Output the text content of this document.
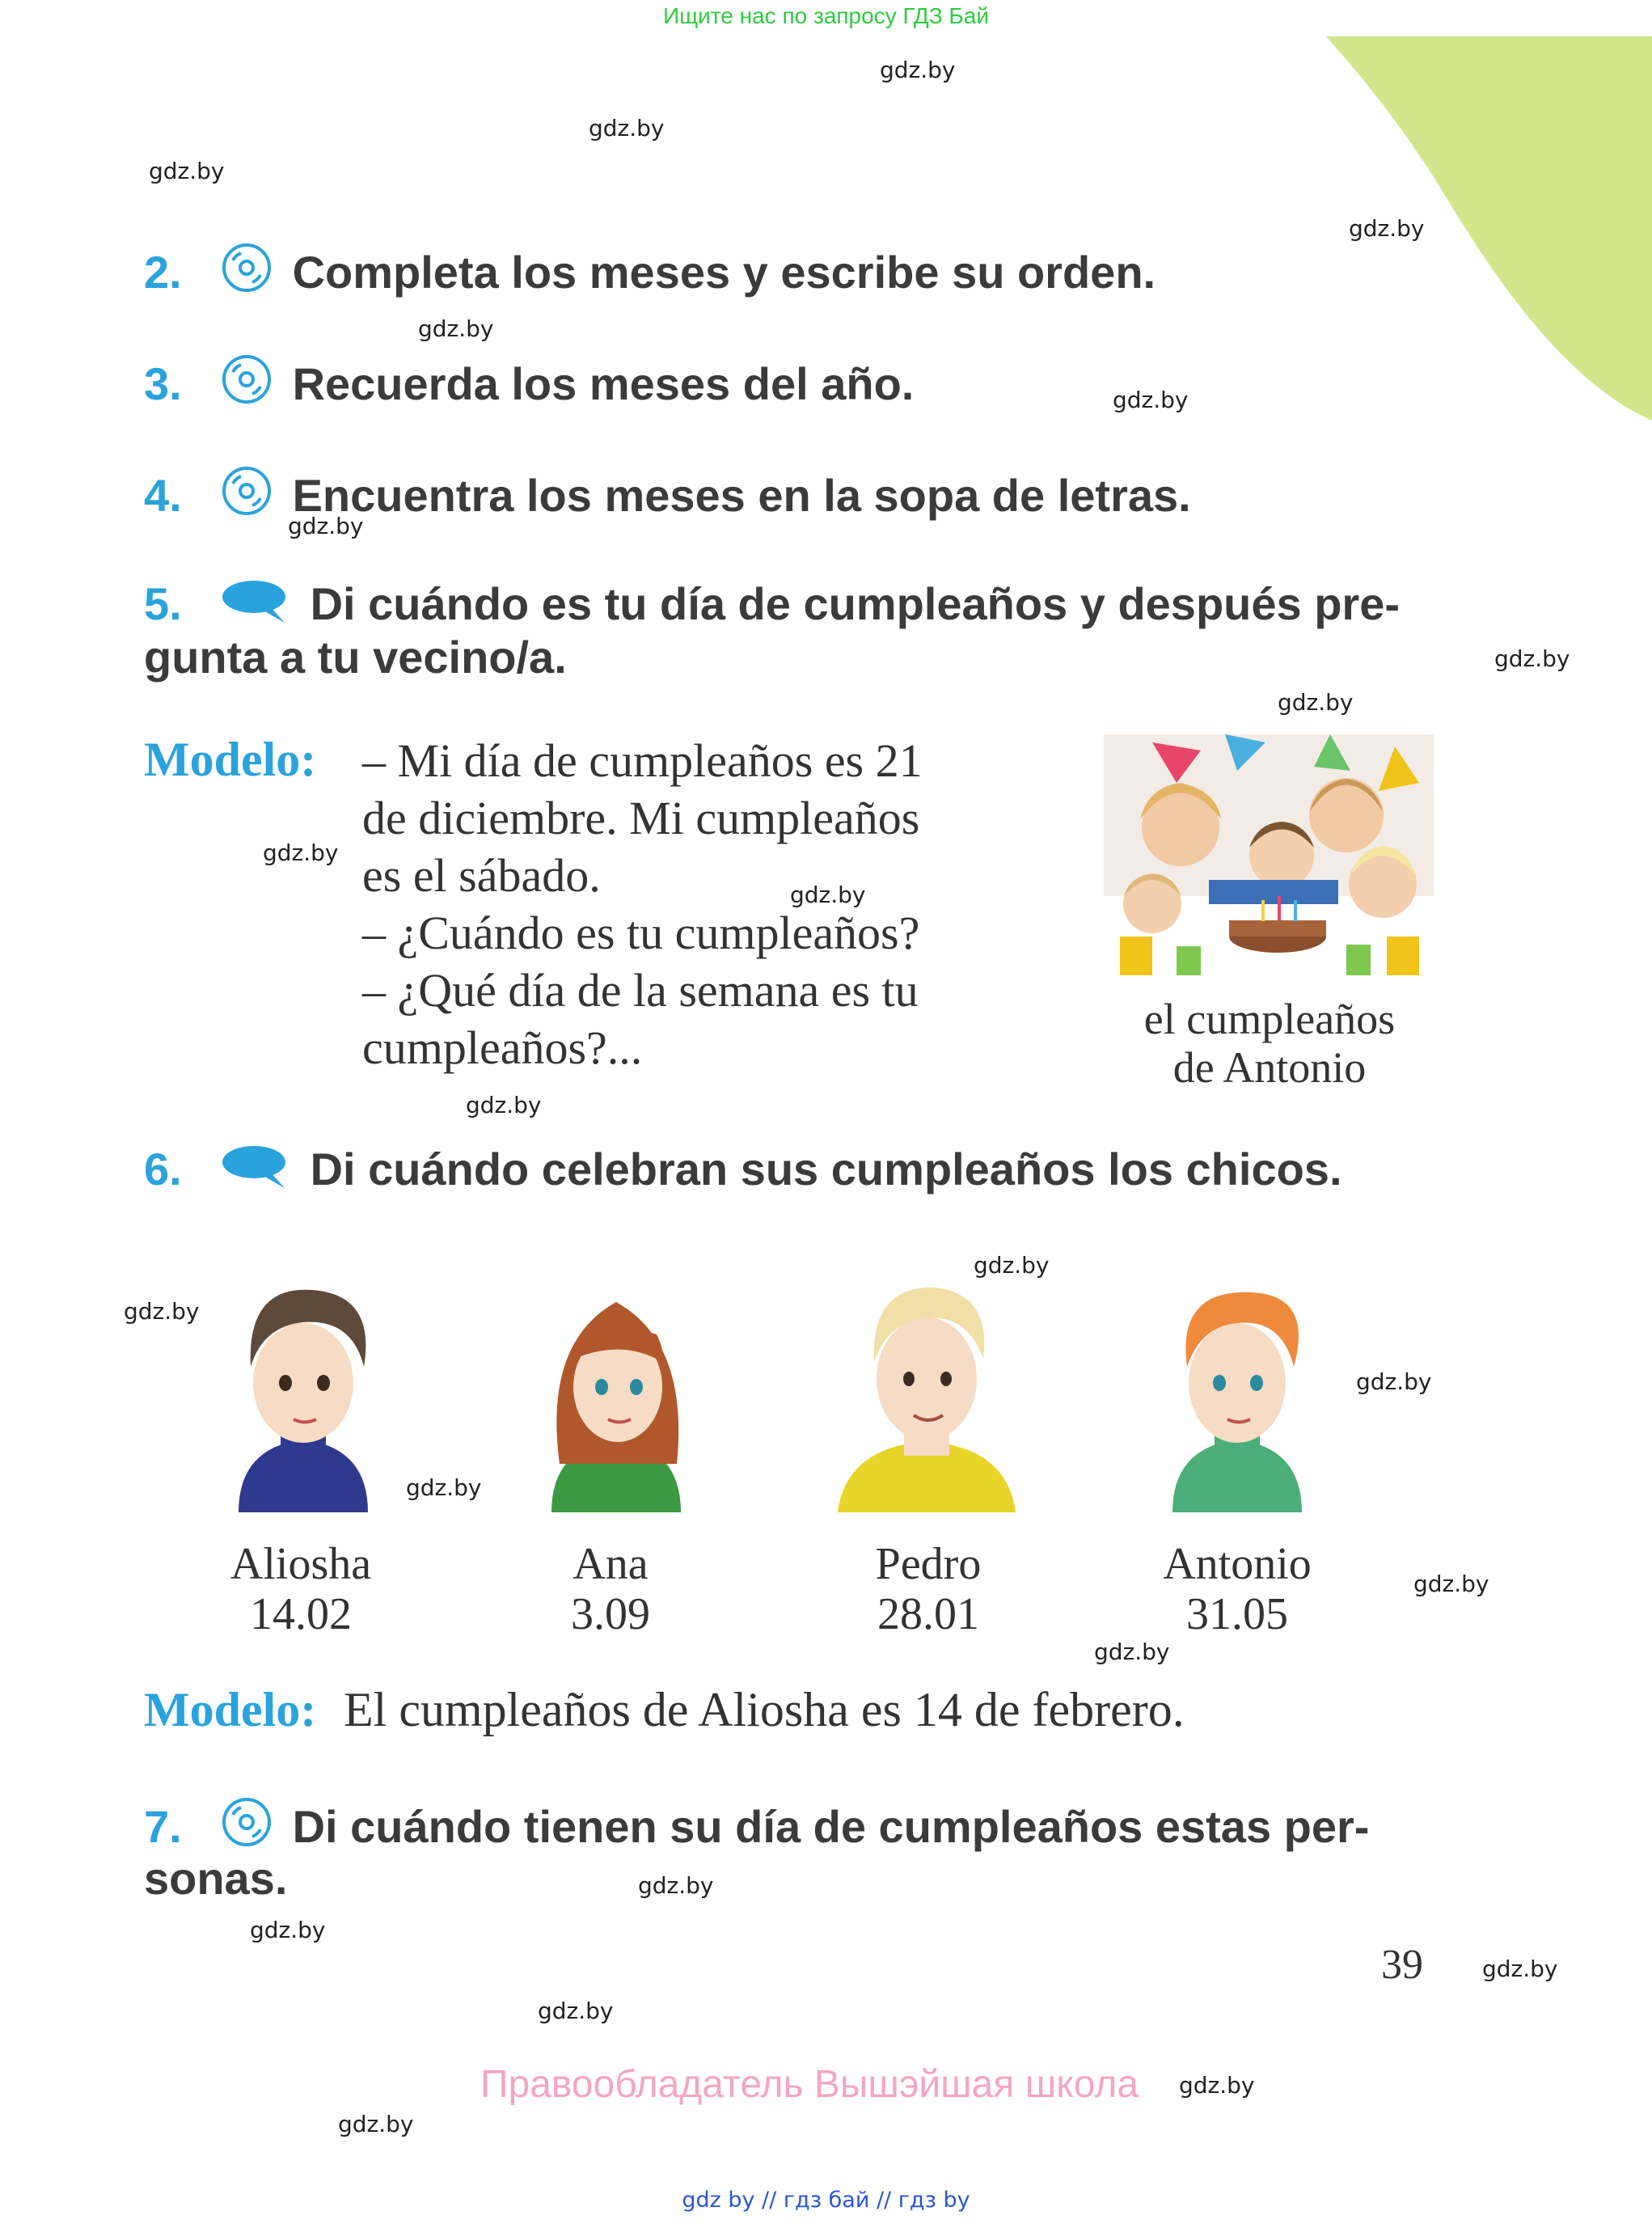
Ищите нас по запросу ГДЗ Бай
gdz.by
gdz.by
gdz.by
gdz.by
gdz.by
gdz.by
gdz.by
gdz.by
gdz.by
gdz.by
gdz.by
gdz.by
gdz.by
gdz.by
gdz.by
gdz.by
gdz.by
gdz.by
gdz.by
gdz.by
gdz.by
gdz.by
gdz.by
gdz.by
2. Completa los meses y escribe su orden.
3. Recuerda los meses del año.
4. Encuentra los meses en la sopa de letras.
5.	Di cuándo es tu día de cumpleaños y después pre-
gunta a tu vecino/a.
Modelo: – Mi día de cumpleaños es 21

de diciembre. Mi cumpleaños

es el sábado.

– ¿Cuándo es tu cumpleaños?

– ¿Qué día de la semana es tu

cumpleaños?...

el cumpleaños
de Antonio
6.	Di cuándo celebran sus cumpleaños los chicos.
Aliosha
14.02
Ana
3.09
Pedro
28.01
Antonio
31.05
Modelo: El cumpleaños de Aliosha es 14 de febrero.
7. Di cuándo tienen su día de cumpleaños estas per-
sonas.
39
Правообладатель Вышэйшая школа
gdz by // гдз бай // гдз by
